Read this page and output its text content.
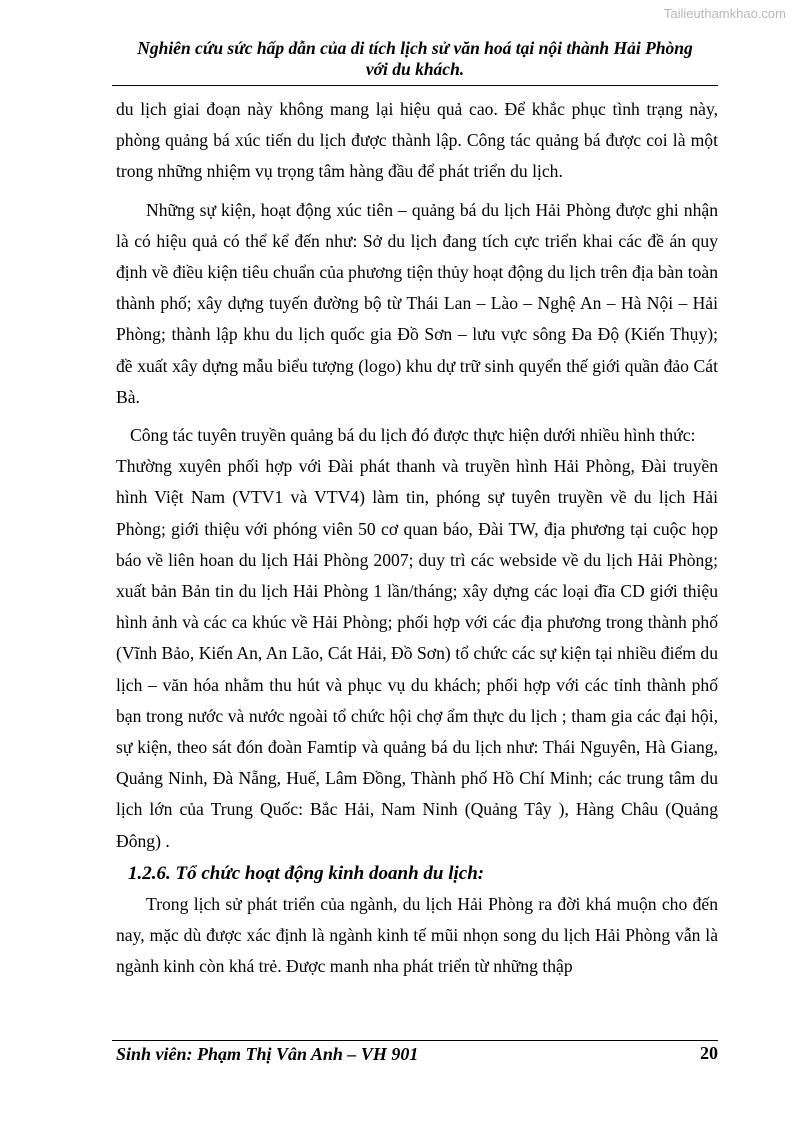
Tailieuthamkhao.com
Nghiên cứu sức hấp dẫn của di tích lịch sử văn hoá tại nội thành Hải Phòng
với du khách.

du lịch giai đoạn này không mang lại hiệu quả cao. Để khắc phục tình trạng này, phòng quảng bá xúc tiến du lịch được thành lập. Công tác quảng bá được coi là một trong những nhiệm vụ trọng tâm hàng đầu để phát triển du lịch.

Những sự kiện, hoạt động xúc tiên – quảng bá du lịch Hải Phòng được ghi nhận là có hiệu quả có thể kể đến như: Sở du lịch đang tích cực triển khai các đề án quy định về điều kiện tiêu chuẩn của phương tiện thủy hoạt động du lịch trên địa bàn toàn thành phố; xây dựng tuyến đường bộ từ Thái Lan – Lào – Nghệ An – Hà Nội – Hải Phòng; thành lập khu du lịch quốc gia Đồ Sơn – lưu vực sông Đa Độ (Kiến Thụy); đề xuất xây dựng mẫu biểu tượng (logo) khu dự trữ sinh quyển thế giới quần đảo Cát Bà.

Công tác tuyên truyền quảng bá du lịch đó được thực hiện dưới nhiều hình thức:

Thường xuyên phối hợp với Đài phát thanh và truyền hình Hải Phòng, Đài truyền hình Việt Nam (VTV1 và VTV4) làm tin, phóng sự tuyên truyền về du lịch Hải Phòng; giới thiệu với phóng viên 50 cơ quan báo, Đài TW, địa phương tại cuộc họp báo về liên hoan du lịch Hải Phòng 2007; duy trì các webside về du lịch Hải Phòng; xuất bản Bản tin du lịch Hải Phòng 1 lần/tháng; xây dựng các loại đĩa CD giới thiệu hình ảnh và các ca khúc về Hải Phòng; phối hợp với các địa phương trong thành phố (Vĩnh Bảo, Kiến An, An Lão, Cát Hải, Đồ Sơn) tổ chức các sự kiện tại nhiều điểm du lịch – văn hóa nhằm thu hút và phục vụ du khách; phối hợp với các tỉnh thành phố bạn trong nước và nước ngoài tổ chức hội chợ ẩm thực du lịch ; tham gia các đại hội, sự kiện, theo sát đón đoàn Famtip và quảng bá du lịch như: Thái Nguyên, Hà Giang, Quảng Ninh, Đà Nẵng, Huế, Lâm Đồng, Thành phố Hồ Chí Minh; các trung tâm du lịch lớn của Trung Quốc: Bắc Hải, Nam Ninh (Quảng Tây ), Hàng Châu (Quảng Đông) .

1.2.6. Tổ chức hoạt động kinh doanh du lịch:

Trong lịch sử phát triển của ngành, du lịch Hải Phòng ra đời khá muộn cho đến nay, mặc dù được xác định là ngành kinh tế mũi nhọn song du lịch Hải Phòng vẫn là ngành kinh còn khá trẻ. Được manh nha phát triển từ những thập

Sinh viên: Phạm Thị Vân Anh – VH 901	20
